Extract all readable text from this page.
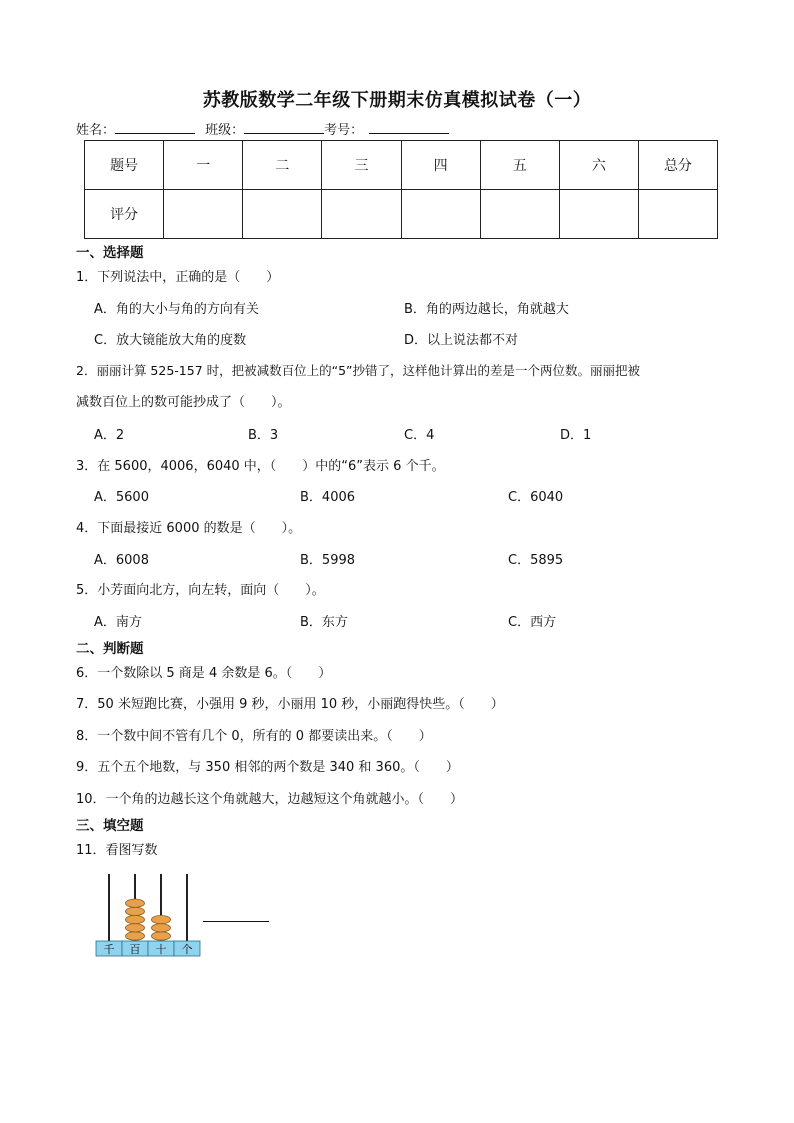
苏教版数学二年级下册期末仿真模拟试卷（一）
姓名：	班级：	考号：
题号	一	二	三	四	五	六	总分
评分							
一、选择题
1．下列说法中，正确的是（　　）
A．角的大小与角的方向有关	B．角的两边越长，角就越大
C．放大镜能放大角的度数	D．以上说法都不对
2．丽丽计算 525-157 时，把被减数百位上的“5”抄错了，这样他计算出的差是一个两位数。丽丽把被
减数百位上的数可能抄成了（　　）。
A．2	B．3	C．4	D．1
3．在 5600，4006，6040 中，（　　）中的“6”表示 6 个千。
A．5600	B．4006	C．6040
4．下面最接近 6000 的数是（　　）。
A．6008	B．5998	C．5895
5．小芳面向北方，向左转，面向（　　）。
A．南方	B．东方	C．西方
二、判断题
6．一个数除以 5 商是 4 余数是 6。（　　）
7．50 米短跑比赛，小强用 9 秒，小丽用 10 秒，小丽跑得快些。（　　）
8．一个数中间不管有几个 0，所有的 0 都要读出来。（　　）
9．五个五个地数，与 350 相邻的两个数是 340 和 360。（　　）
10．一个角的边越长这个角就越大，边越短这个角就越小。（　　）
三、填空题
11．看图写数
千 百 十 个
